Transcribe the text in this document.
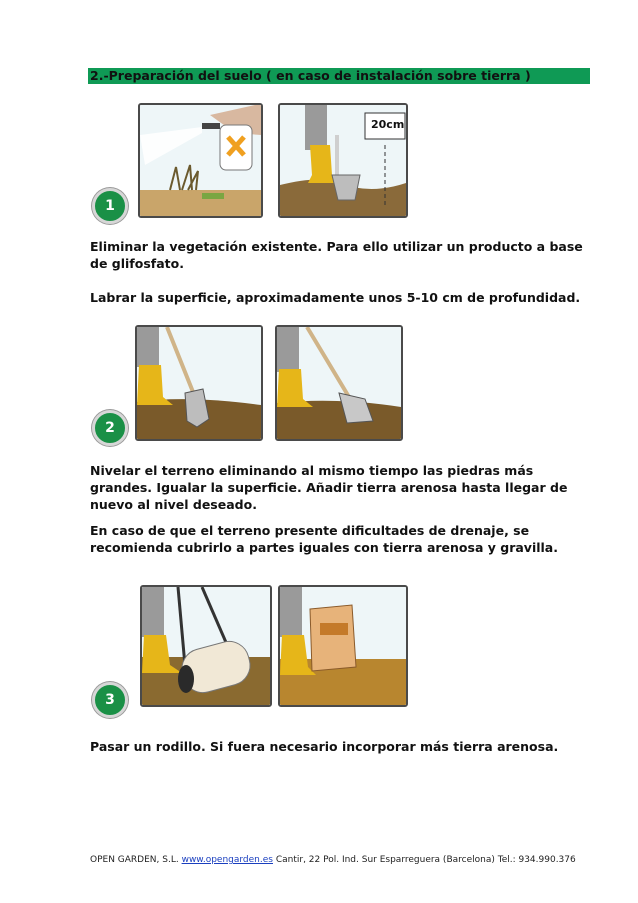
2.-Preparación del suelo ( en caso de instalación sobre tierra )
20cm
1
Eliminar la vegetación existente. Para ello utilizar un producto a base de glifosfato.
Labrar la superficie, aproximadamente unos 5-10 cm de profundidad.
2
Nivelar el terreno eliminando al mismo tiempo las piedras más grandes. Igualar la superficie. Añadir tierra arenosa hasta llegar de nuevo al nivel deseado.
En caso de que el terreno presente dificultades de drenaje, se recomienda cubrirlo a partes iguales con tierra arenosa y gravilla.
3
Pasar un rodillo. Si fuera necesario incorporar más tierra arenosa.
OPEN GARDEN, S.L. www.opengarden.es Cantir, 22 Pol. Ind. Sur Esparreguera (Barcelona) Tel.: 934.990.376
